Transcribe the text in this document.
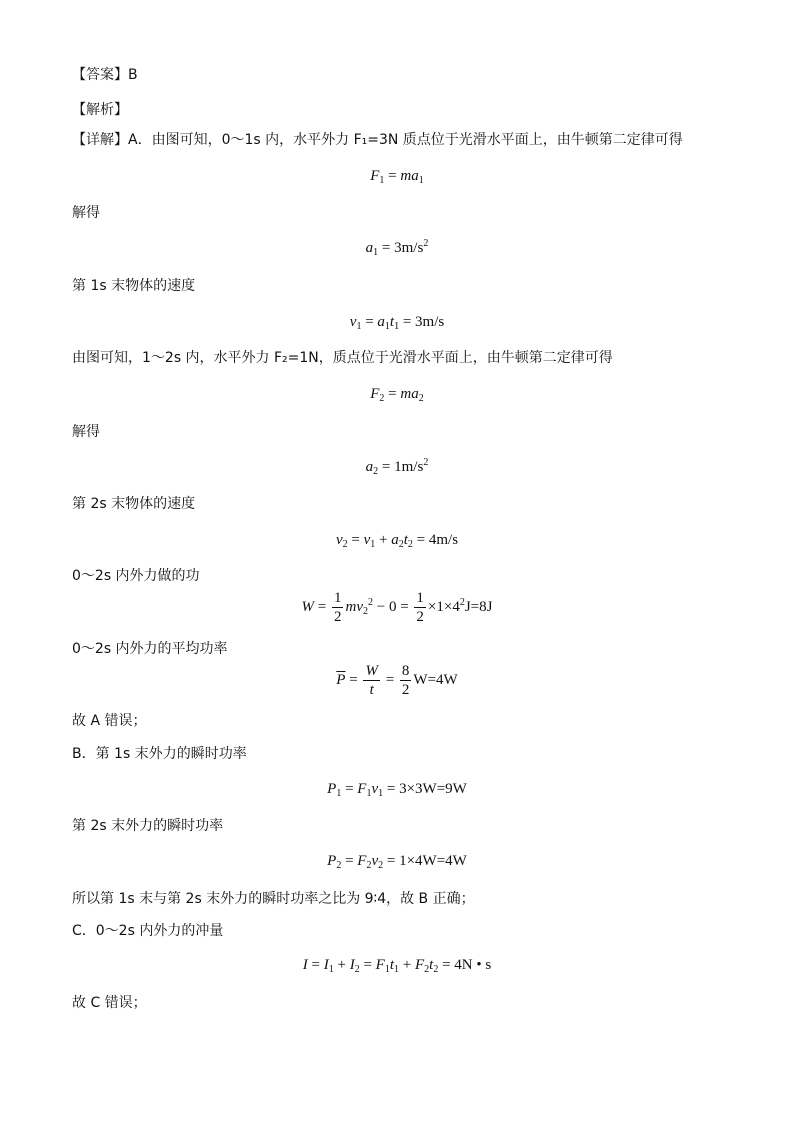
【答案】B
【解析】
【详解】A．由图可知，0～1s 内，水平外力 F₁=3N 质点位于光滑水平面上，由牛顿第二定律可得
$F_1 = ma_1$
解得
$a_1 = 3m/s^2$
第 1s 末物体的速度
$v_1 = a_1t_1 = 3m/s$
由图可知，1～2s 内，水平外力 F₂=1N，质点位于光滑水平面上，由牛顿第二定律可得
$F_2 = ma_2$
解得
$a_2 = 1m/s^2$
第 2s 末物体的速度
$v_2 = v_1 + a_2t_2 = 4m/s$
0～2s 内外力做的功
$W = \frac{1}{2} mv_2^2 - 0 = \frac{1}{2} \times 1\times 4^2J=8J$
0～2s 内外力的平均功率
$\overline{P} = \frac{W}{t} = \frac{8}{2} W=4W$
故 A 错误；
B．第 1s 末外力的瞬时功率
$P_1 = F_1v_1 = 3\times 3W=9W$
第 2s 末外力的瞬时功率
$P_2 = F_2v_2 = 1\times 4W=4W$
所以第 1s 末与第 2s 末外力的瞬时功率之比为 9∶4，故 B 正确；
C．0～2s 内外力的冲量
$I = I_1 + I_2 = F_1t_1 + F_2t_2 = 4N$ • s
故 C 错误；
